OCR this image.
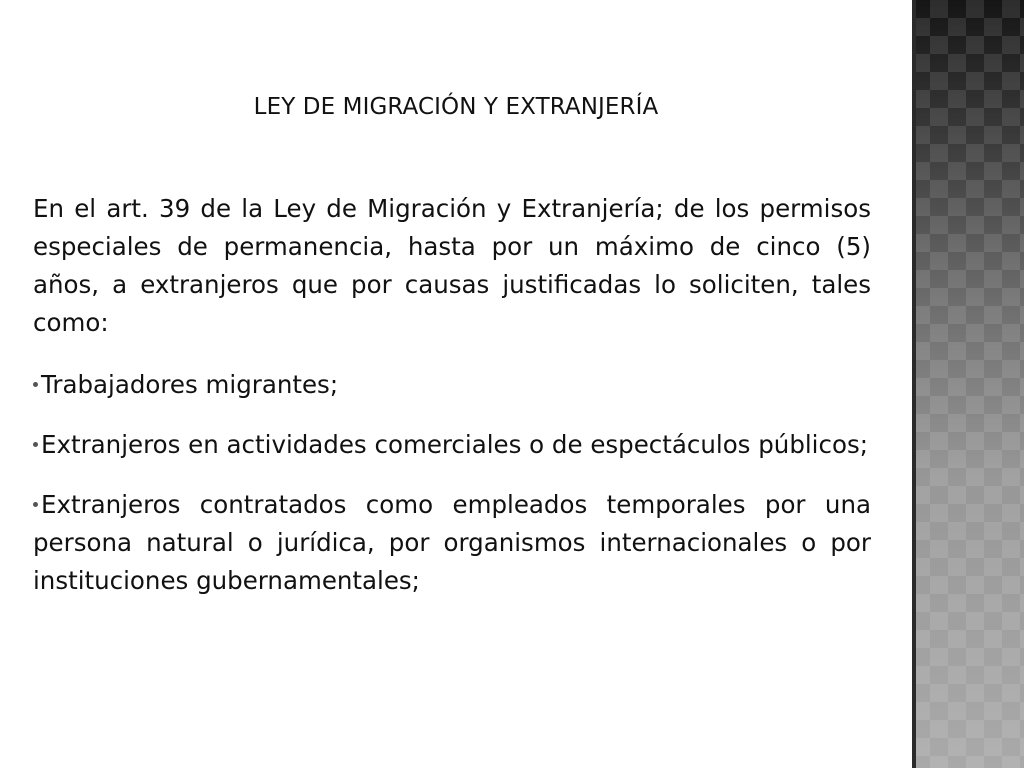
LEY DE MIGRACIÓN Y EXTRANJERÍA

En el art. 39 de la Ley de Migración y Extranjería; de los permisos especiales de permanencia, hasta por un máximo de cinco (5) años, a extranjeros que por causas justificadas lo soliciten, tales como:

Trabajadores migrantes;

Extranjeros en actividades comerciales o de espectáculos públicos;

Extranjeros contratados como empleados temporales por una persona natural o jurídica, por organismos internacionales o por instituciones gubernamentales;
